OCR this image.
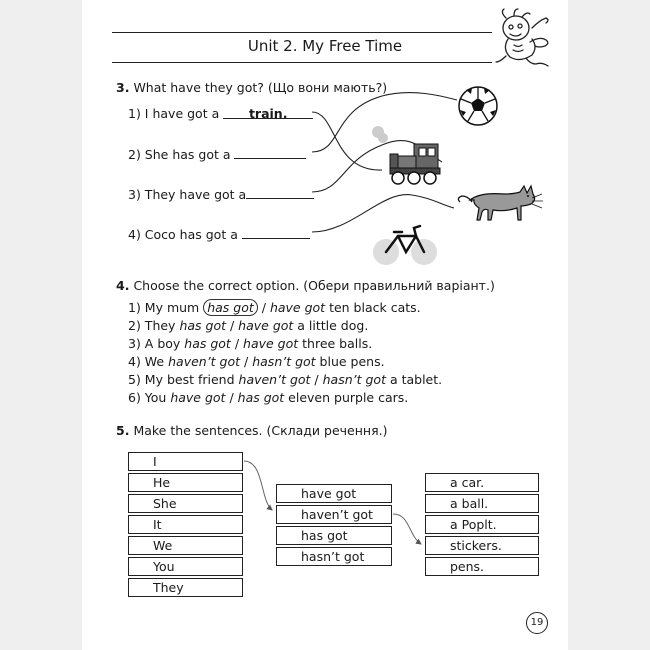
Unit 2. My Free Time
3. What have they got? (Що вони мають?)
1) I have got a train.
2) She has got a
3) They have got a
4) Coco has got a
4. Choose the correct option. (Обери правильний варіант.)
1) My mum has got / have got ten black cats.
2) They has got / have got a little dog.
3) A boy has got / have got three balls.
4) We haven’t got / hasn’t got blue pens.
5) My best friend haven’t got / hasn’t got a tablet.
6) You have got / has got eleven purple cars.
5. Make the sentences. (Склади речення.)
I
He
She
It
We
You
They
have got
haven’t got
has got
hasn’t got
a car.
a ball.
a Poplt.
stickers.
pens.
19
